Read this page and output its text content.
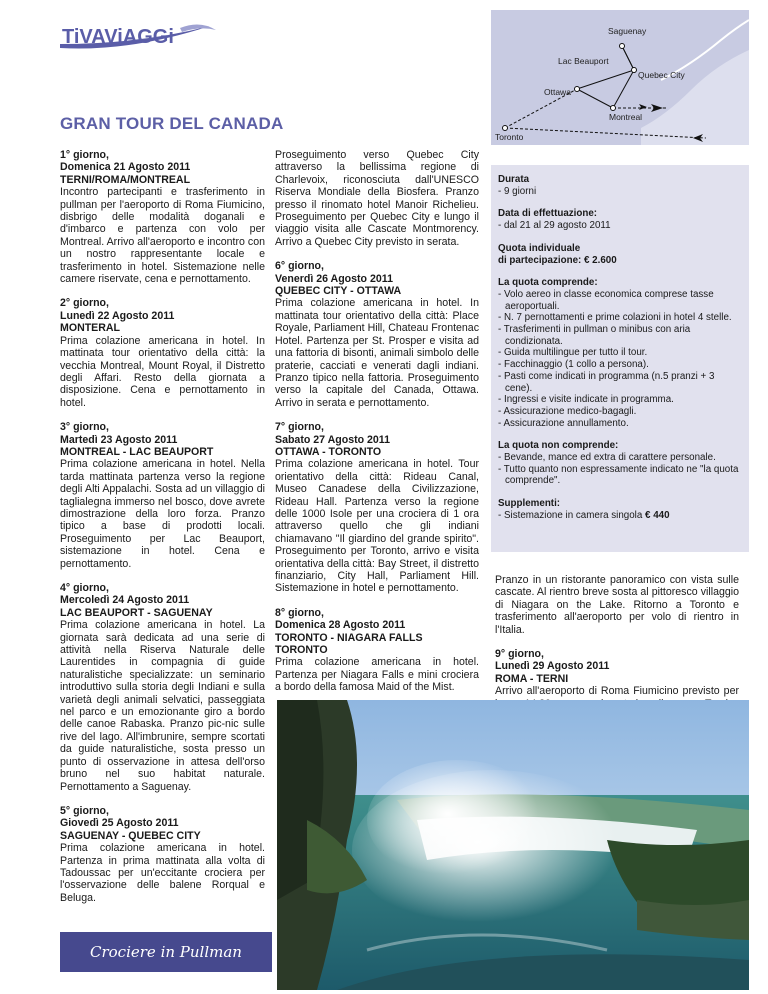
TiVAViAGGi	Saguenay
Lac Beauport
Quebec City
Ottawa
Montreal
Toronto
GRAN TOUR DEL CANADA
1° giorno,
Domenica 21 Agosto 2011
TERNI/ROMA/MONTREAL
Incontro partecipanti e trasferimento in pullman per l'aeroporto di Roma Fiumicino, disbrigo delle modalità doganali e d'imbarco e partenza con volo per Montreal. Arrivo all'aeroporto e incontro con un nostro rappresentante locale e trasferimento in hotel. Sistemazione nelle camere riservate, cena e pernottamento.
2° giorno,
Lunedì 22 Agosto 2011
MONTERAL
Prima colazione americana in hotel. In mattinata tour orientativo della città: la vecchia Montreal, Mount Royal, il Distretto degli Affari. Resto della giornata a disposizione. Cena e pernottamento in hotel.
3° giorno,
Martedì 23 Agosto 2011
MONTREAL - LAC BEAUPORT
Prima colazione americana in hotel. Nella tarda mattinata partenza verso la regione degli Alti Appalachi. Sosta ad un villaggio di taglialegna immerso nel bosco, dove avrete dimostrazione della loro forza. Pranzo tipico a base di prodotti locali. Proseguimento per Lac Beauport, sistemazione in hotel. Cena e pernottamento.
4° giorno,
Mercoledì 24 Agosto 2011
LAC BEAUPORT - SAGUENAY
Prima colazione americana in hotel. La giornata sarà dedicata ad una serie di attività nella Riserva Naturale delle Laurentides in compagnia di guide naturalistiche specializzate: un seminario introduttivo sulla storia degli Indiani e sulla varietà degli animali selvatici, passeggiata nel parco e un emozionante giro a bordo delle canoe Rabaska. Pranzo pic-nic sulle rive del lago. All'imbrunire, sempre scortati da guide naturalistiche, sosta presso un punto di osservazione in attesa dell'orso bruno nel suo habitat naturale. Pernottamento a Saguenay.
5° giorno,
Giovedì 25 Agosto 2011
SAGUENAY - QUEBEC CITY
Prima colazione americana in hotel. Partenza in prima mattinata alla volta di Tadoussac per un'eccitante crociera per l'osservazione delle balene Rorqual e Beluga.
Proseguimento verso Quebec City attraverso la bellissima regione di Charlevoix, riconosciuta dall'UNESCO Riserva Mondiale della Biosfera. Pranzo presso il rinomato hotel Manoir Richelieu. Proseguimento per Quebec City e lungo il viaggio visita alle Cascate Montmorency. Arrivo a Quebec City previsto in serata.
6° giorno,
Venerdì 26 Agosto 2011
QUEBEC CITY - OTTAWA
Prima colazione americana in hotel. In mattinata tour orientativo della città: Place Royale, Parliament Hill, Chateau Frontenac Hotel. Partenza per St. Prosper e visita ad una fattoria di bisonti, animali simbolo delle praterie, cacciati e venerati dagli indiani. Pranzo tipico nella fattoria. Proseguimento verso la capitale del Canada, Ottawa. Arrivo in serata e pernottamento.
7° giorno,
Sabato 27 Agosto 2011
OTTAWA - TORONTO
Prima colazione americana in hotel. Tour orientativo della città: Rideau Canal, Museo Canadese della Civilizzazione, Rideau Hall. Partenza verso la regione delle 1000 Isole per una crociera di 1 ora attraverso quello che gli indiani chiamavano "Il giardino del grande spirito". Proseguimento per Toronto, arrivo e visita orientativa della città: Bay Street, il distretto finanziario, City Hall, Parliament Hill. Sistemazione in hotel e pernottamento.
8° giorno,
Domenica 28 Agosto 2011
TORONTO - NIAGARA FALLS
TORONTO
Prima colazione americana in hotel. Partenza per Niagara Falls e mini crociera a bordo della famosa Maid of the Mist.
Durata
- 9 giorni
Data di effettuazione:
- dal 21 al 29 agosto 2011
Quota individuale
di partecipazione: € 2.600
La quota comprende:
- Volo aereo in classe economica comprese tasse aeroportuali.
- N. 7 pernottamenti e prime colazioni in hotel 4 stelle.
- Trasferimenti in pullman o minibus con aria condizionata.
- Guida multilingue per tutto il tour.
- Facchinaggio (1 collo a persona).
- Pasti come indicati in programma (n.5 pranzi + 3 cene).
- Ingressi e visite indicate in programma.
- Assicurazione medico-bagagli.
- Assicurazione annullamento.
La quota non comprende:
- Bevande, mance ed extra di carattere personale.
- Tutto quanto non espressamente indicato ne "la quota comprende".
Supplementi:
- Sistemazione in camera singola € 440
Pranzo in un ristorante panoramico con vista sulle cascate. Al rientro breve sosta al pittoresco villaggio di Niagara on the Lake. Ritorno a Toronto e trasferimento all'aeroporto per volo di rientro in l'Italia.
9° giorno,
Lunedì 29 Agosto 2011
ROMA - TERNI
Arrivo all'aeroporto di Roma Fiumicino previsto per
Crociere in Pullman
